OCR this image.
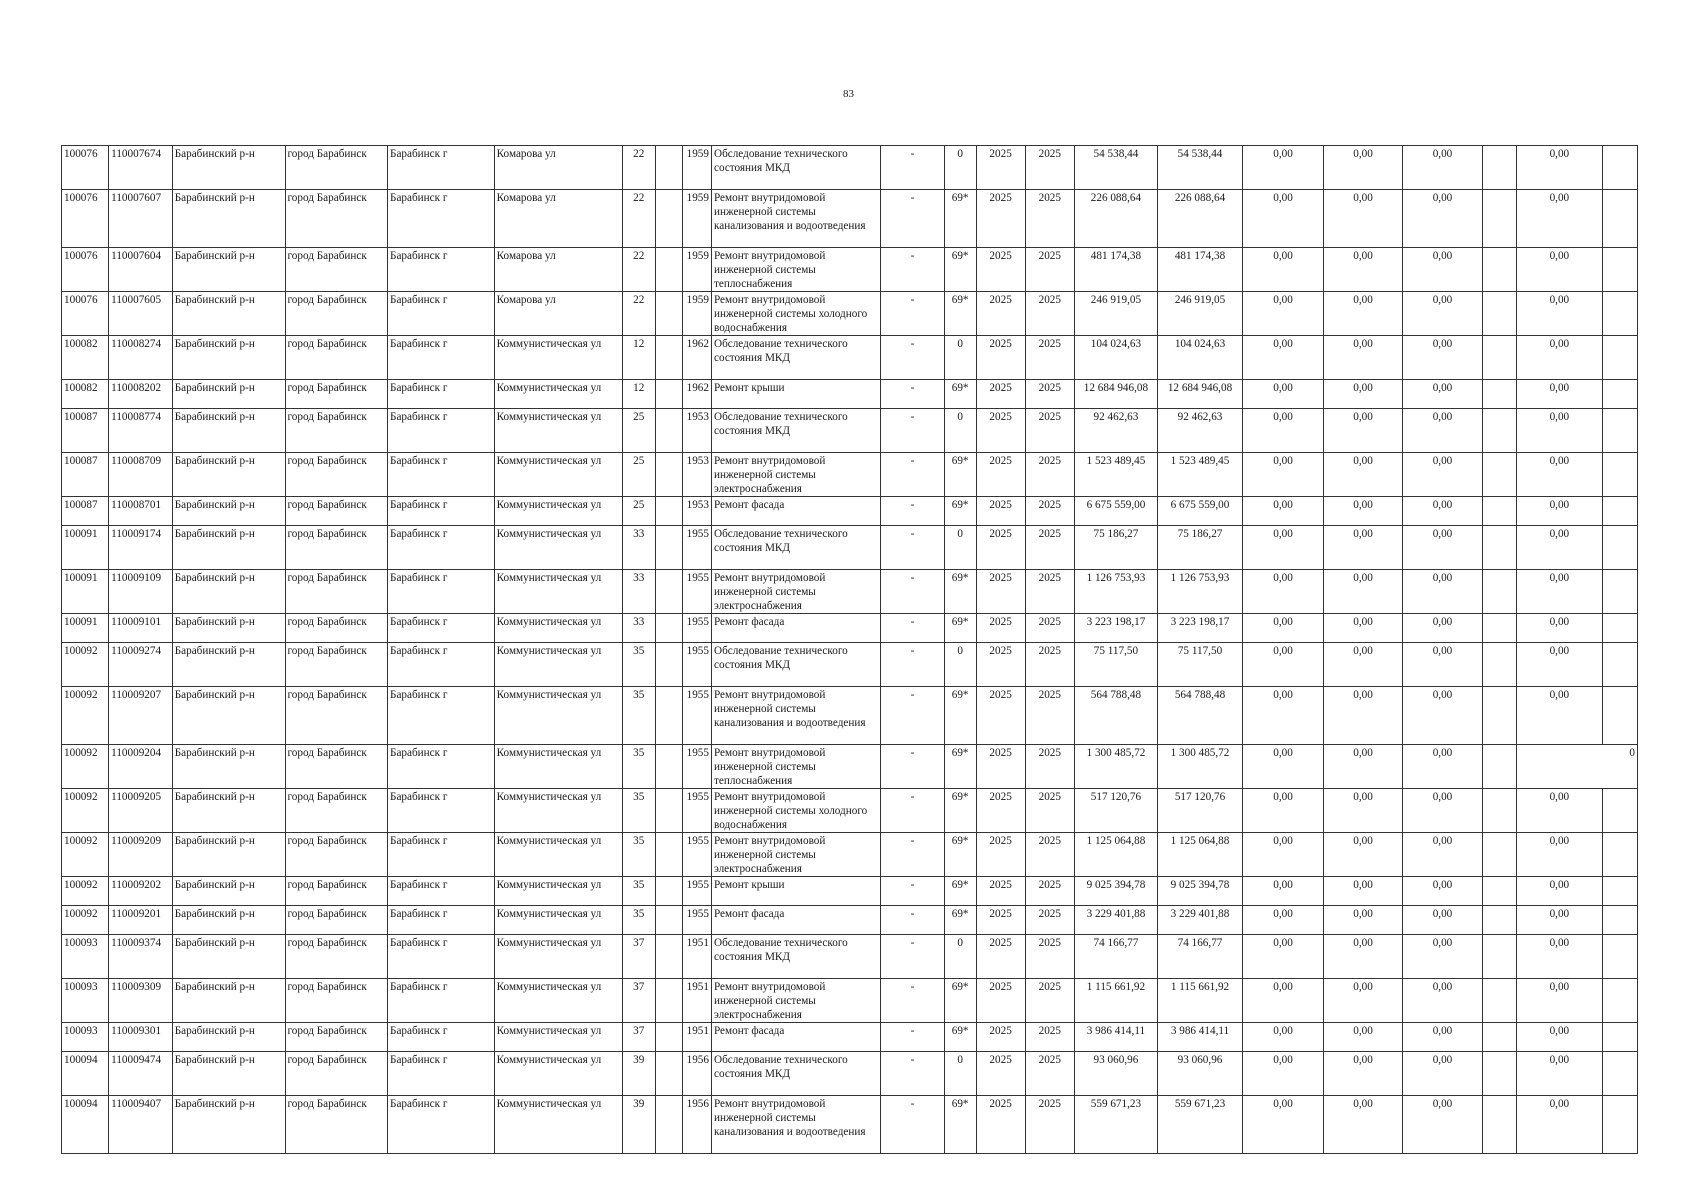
83
100076	110007674	Барабинский р-н	город Барабинск	Барабинск г	Комарова ул	22		1959	Обследование технического состояния МКД	-	0	2025	2025	54 538,44	54 538,44	0,00	0,00	0,00		0,00	
100076	110007607	Барабинский р-н	город Барабинск	Барабинск г	Комарова ул	22		1959	Ремонт внутридомовой инженерной системы канализования и водоотведения	-	69*	2025	2025	226 088,64	226 088,64	0,00	0,00	0,00		0,00	
100076	110007604	Барабинский р-н	город Барабинск	Барабинск г	Комарова ул	22		1959	Ремонт внутридомовой инженерной системы теплоснабжения	-	69*	2025	2025	481 174,38	481 174,38	0,00	0,00	0,00		0,00	
100076	110007605	Барабинский р-н	город Барабинск	Барабинск г	Комарова ул	22		1959	Ремонт внутридомовой инженерной системы холодного водоснабжения	-	69*	2025	2025	246 919,05	246 919,05	0,00	0,00	0,00		0,00	
100082	110008274	Барабинский р-н	город Барабинск	Барабинск г	Коммунистическая ул	12		1962	Обследование технического состояния МКД	-	0	2025	2025	104 024,63	104 024,63	0,00	0,00	0,00		0,00	
100082	110008202	Барабинский р-н	город Барабинск	Барабинск г	Коммунистическая ул	12		1962	Ремонт крыши	-	69*	2025	2025	12 684 946,08	12 684 946,08	0,00	0,00	0,00		0,00	
100087	110008774	Барабинский р-н	город Барабинск	Барабинск г	Коммунистическая ул	25		1953	Обследование технического состояния МКД	-	0	2025	2025	92 462,63	92 462,63	0,00	0,00	0,00		0,00	
100087	110008709	Барабинский р-н	город Барабинск	Барабинск г	Коммунистическая ул	25		1953	Ремонт внутридомовой инженерной системы электроснабжения	-	69*	2025	2025	1 523 489,45	1 523 489,45	0,00	0,00	0,00		0,00	
100087	110008701	Барабинский р-н	город Барабинск	Барабинск г	Коммунистическая ул	25		1953	Ремонт фасада	-	69*	2025	2025	6 675 559,00	6 675 559,00	0,00	0,00	0,00		0,00	
100091	110009174	Барабинский р-н	город Барабинск	Барабинск г	Коммунистическая ул	33		1955	Обследование технического состояния МКД	-	0	2025	2025	75 186,27	75 186,27	0,00	0,00	0,00		0,00	
100091	110009109	Барабинский р-н	город Барабинск	Барабинск г	Коммунистическая ул	33		1955	Ремонт внутридомовой инженерной системы электроснабжения	-	69*	2025	2025	1 126 753,93	1 126 753,93	0,00	0,00	0,00		0,00	
100091	110009101	Барабинский р-н	город Барабинск	Барабинск г	Коммунистическая ул	33		1955	Ремонт фасада	-	69*	2025	2025	3 223 198,17	3 223 198,17	0,00	0,00	0,00		0,00	
100092	110009274	Барабинский р-н	город Барабинск	Барабинск г	Коммунистическая ул	35		1955	Обследование технического состояния МКД	-	0	2025	2025	75 117,50	75 117,50	0,00	0,00	0,00		0,00	
100092	110009207	Барабинский р-н	город Барабинск	Барабинск г	Коммунистическая ул	35		1955	Ремонт внутридомовой инженерной системы канализования и водоотведения	-	69*	2025	2025	564 788,48	564 788,48	0,00	0,00	0,00		0,00	
100092	110009204	Барабинский р-н	город Барабинск	Барабинск г	Коммунистическая ул	35		1955	Ремонт внутридомовой инженерной системы теплоснабжения	-	69*	2025	2025	1 300 485,72	1 300 485,72	0,00	0,00	0,00			0
100092	110009205	Барабинский р-н	город Барабинск	Барабинск г	Коммунистическая ул	35		1955	Ремонт внутридомовой инженерной системы холодного водоснабжения	-	69*	2025	2025	517 120,76	517 120,76	0,00	0,00	0,00		0,00	
100092	110009209	Барабинский р-н	город Барабинск	Барабинск г	Коммунистическая ул	35		1955	Ремонт внутридомовой инженерной системы электроснабжения	-	69*	2025	2025	1 125 064,88	1 125 064,88	0,00	0,00	0,00		0,00	
100092	110009202	Барабинский р-н	город Барабинск	Барабинск г	Коммунистическая ул	35		1955	Ремонт крыши	-	69*	2025	2025	9 025 394,78	9 025 394,78	0,00	0,00	0,00		0,00	
100092	110009201	Барабинский р-н	город Барабинск	Барабинск г	Коммунистическая ул	35		1955	Ремонт фасада	-	69*	2025	2025	3 229 401,88	3 229 401,88	0,00	0,00	0,00		0,00	
100093	110009374	Барабинский р-н	город Барабинск	Барабинск г	Коммунистическая ул	37		1951	Обследование технического состояния МКД	-	0	2025	2025	74 166,77	74 166,77	0,00	0,00	0,00		0,00	
100093	110009309	Барабинский р-н	город Барабинск	Барабинск г	Коммунистическая ул	37		1951	Ремонт внутридомовой инженерной системы электроснабжения	-	69*	2025	2025	1 115 661,92	1 115 661,92	0,00	0,00	0,00		0,00	
100093	110009301	Барабинский р-н	город Барабинск	Барабинск г	Коммунистическая ул	37		1951	Ремонт фасада	-	69*	2025	2025	3 986 414,11	3 986 414,11	0,00	0,00	0,00		0,00	
100094	110009474	Барабинский р-н	город Барабинск	Барабинск г	Коммунистическая ул	39		1956	Обследование технического состояния МКД	-	0	2025	2025	93 060,96	93 060,96	0,00	0,00	0,00		0,00	
100094	110009407	Барабинский р-н	город Барабинск	Барабинск г	Коммунистическая ул	39		1956	Ремонт внутридомовой инженерной системы канализования и водоотведения	-	69*	2025	2025	559 671,23	559 671,23	0,00	0,00	0,00		0,00	
